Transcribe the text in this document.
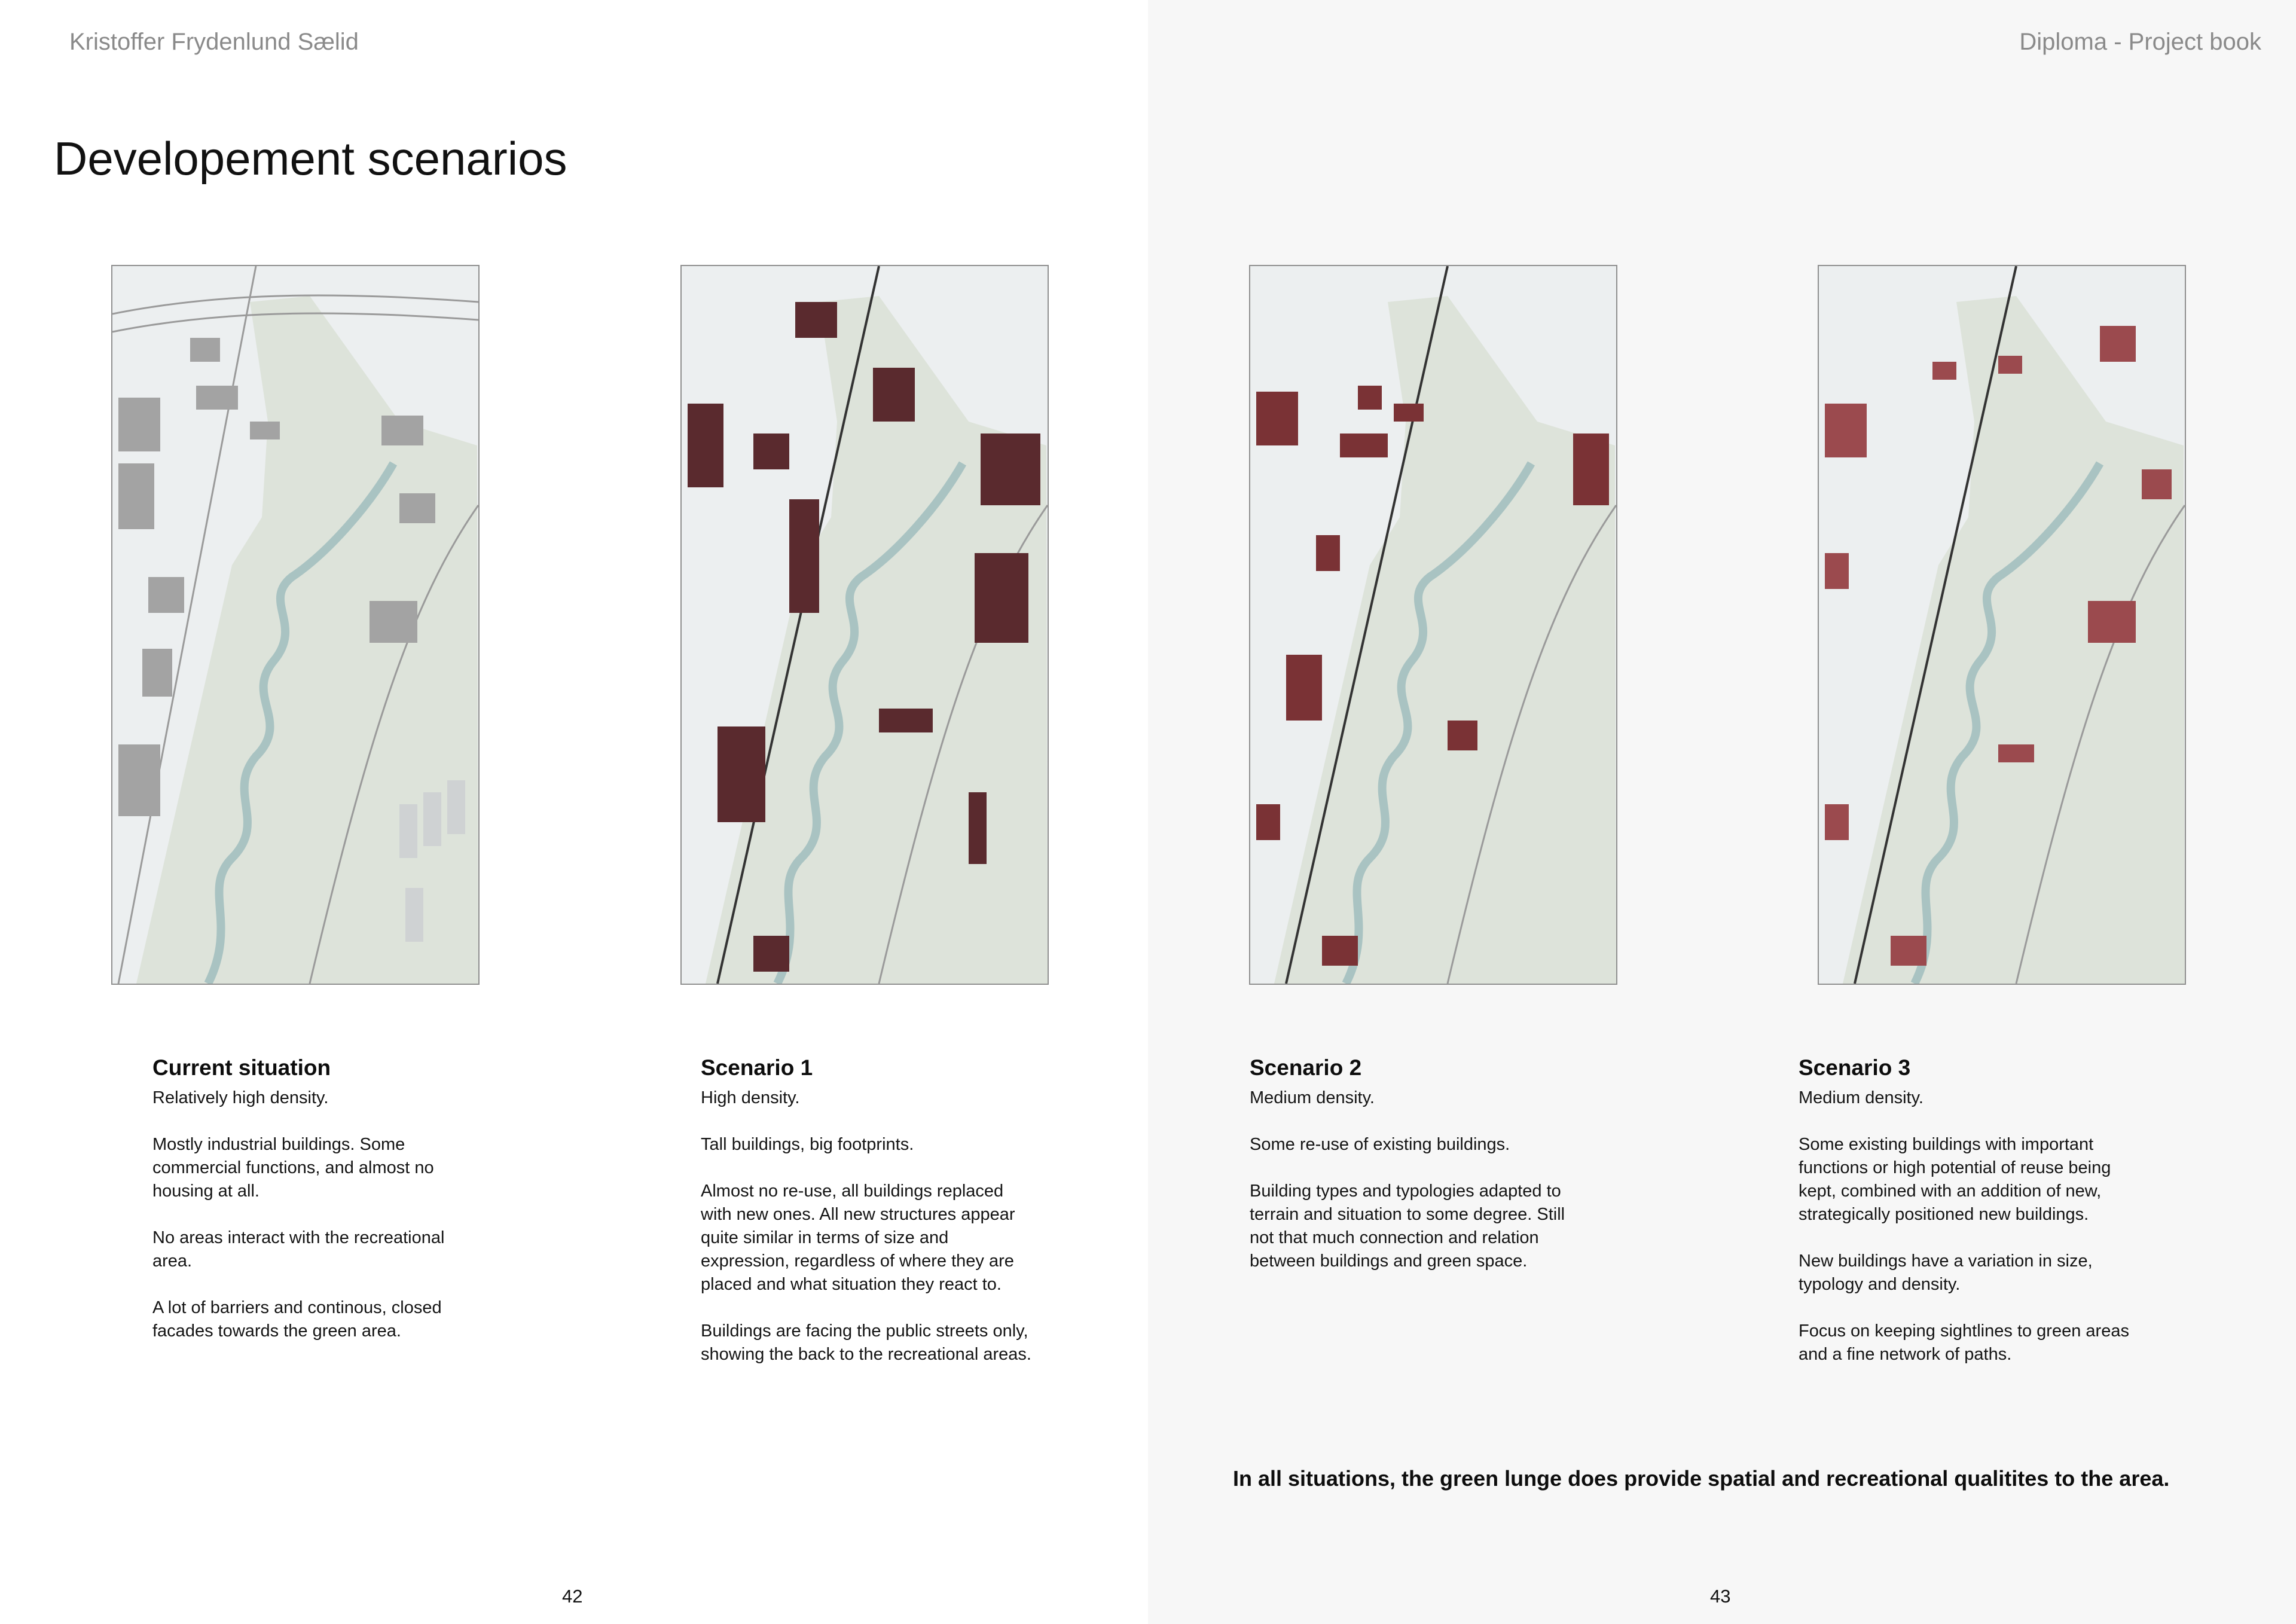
Kristoffer Frydenlund Sælid
Developement scenarios
Current situation

Relatively high density.

Mostly industrial buildings. Some commercial functions, and almost no housing at all.

No areas interact with the recreational area.

A lot of barriers and continous, closed facades towards the green area.

Scenario 1

High density.

Tall buildings, big footprints.

Almost no re-use, all buildings replaced with new ones. All new structures appear quite similar in terms of size and expression, regardless of where they are placed and what situation they react to.

Buildings are facing the public streets only, showing the back to the recreational areas.

42
Diploma - Project book
Scenario 2

Medium density.

Some re-use of existing buildings.

Building types and typologies adapted to terrain and situation to some degree. Still not that much connection and relation between buildings and green space.

Scenario 3

Medium density.

Some existing buildings with important functions or high potential of reuse being kept, combined with an addition of new, strategically positioned new buildings.

New buildings have a variation in size, typology and density.

Focus on keeping sightlines to green areas and a fine network of paths.

43
In all situations, the green lunge does provide spatial and recreational qualitites to the area.
